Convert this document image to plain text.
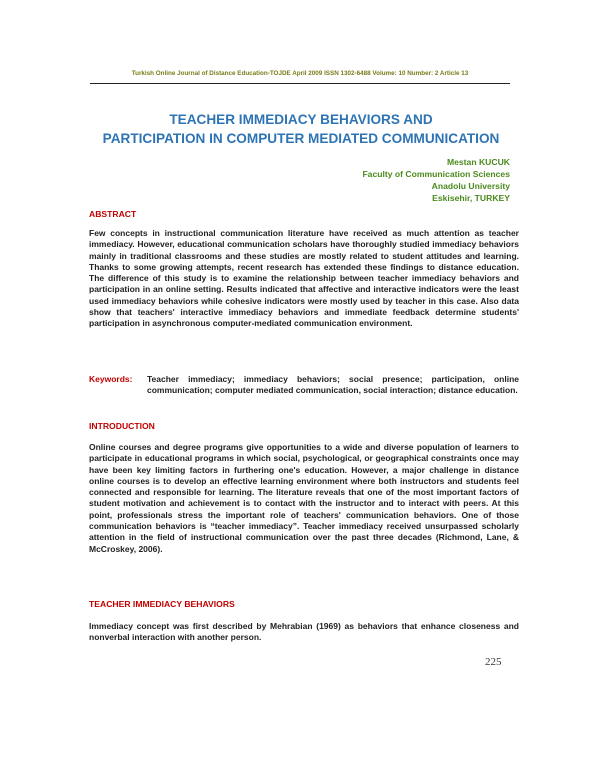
Turkish Online Journal of Distance Education-TOJDE April 2009 ISSN 1302-6488 Volume: 10 Number: 2 Article 13
TEACHER IMMEDIACY BEHAVIORS AND
PARTICIPATION IN COMPUTER MEDIATED COMMUNICATION
Mestan KUCUK
Faculty of Communication Sciences
Anadolu University
Eskisehir, TURKEY
ABSTRACT
Few concepts in instructional communication literature have received as much attention as teacher immediacy. However, educational communication scholars have thoroughly studied immediacy behaviors mainly in traditional classrooms and these studies are mostly related to student attitudes and learning. Thanks to some growing attempts, recent research has extended these findings to distance education. The difference of this study is to examine the relationship between teacher immediacy behaviors and participation in an online setting. Results indicated that affective and interactive indicators were the least used immediacy behaviors while cohesive indicators were mostly used by teacher in this case. Also data show that teachers' interactive immediacy behaviors and immediate feedback determine students' participation in asynchronous computer-mediated communication environment.
Keywords: Teacher immediacy; immediacy behaviors; social presence; participation, online communication; computer mediated communication, social interaction; distance education.
INTRODUCTION
Online courses and degree programs give opportunities to a wide and diverse population of learners to participate in educational programs in which social, psychological, or geographical constraints once may have been key limiting factors in furthering one's education. However, a major challenge in distance online courses is to develop an effective learning environment where both instructors and students feel connected and responsible for learning. The literature reveals that one of the most important factors of student motivation and achievement is to contact with the instructor and to interact with peers. At this point, professionals stress the important role of teachers' communication behaviors. One of those communication behaviors is “teacher immediacy”. Teacher immediacy received unsurpassed scholarly attention in the field of instructional communication over the past three decades (Richmond, Lane, & McCroskey, 2006).
TEACHER IMMEDIACY BEHAVIORS
Immediacy concept was first described by Mehrabian (1969) as behaviors that enhance closeness and nonverbal interaction with another person.
225
